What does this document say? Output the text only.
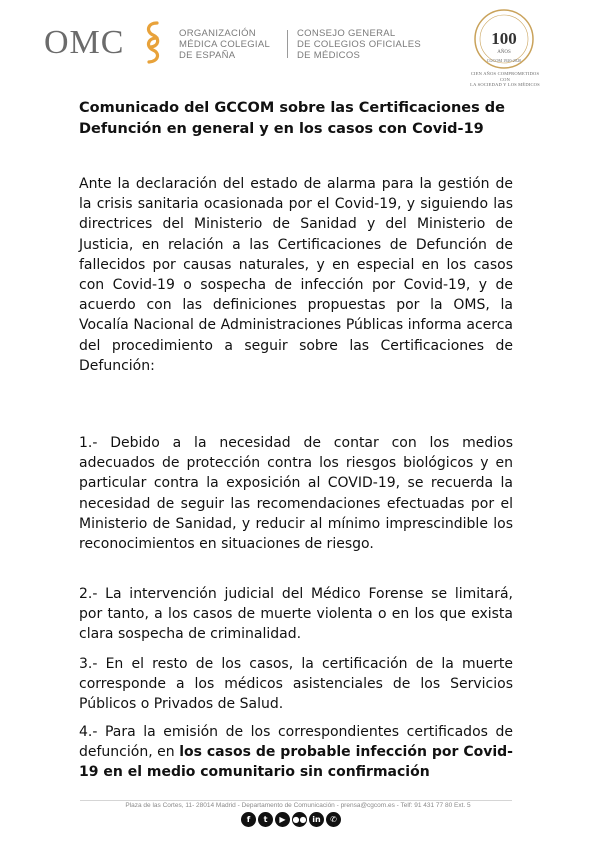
OMC	ORGANIZACIÓN
MÉDICA COLEGIAL
DE ESPAÑA
CONSEJO GENERAL
DE COLEGIOS OFICIALES
DE MÉDICOS
100
AÑOS
CGCOM 1920-2020
CIEN AÑOS COMPROMETIDOS CON
LA SOCIEDAD Y LOS MÉDICOS
Comunicado del GCCOM sobre las Certificaciones de Defunción en general y en los casos con Covid-19

Ante la declaración del estado de alarma para la gestión de la crisis sanitaria ocasionada por el Covid-19, y siguiendo las directrices del Ministerio de Sanidad y del Ministerio de Justicia, en relación a las Certificaciones de Defunción de fallecidos por causas naturales, y en especial en los casos con Covid-19 o sospecha de infección por Covid-19, y de acuerdo con las definiciones propuestas por la OMS, la Vocalía Nacional de Administraciones Públicas informa acerca del procedimiento a seguir sobre las Certificaciones de Defunción:

1.- Debido a la necesidad de contar con los medios adecuados de protección contra los riesgos biológicos y en particular contra la exposición al COVID-19, se recuerda la necesidad de seguir las recomendaciones efectuadas por el Ministerio de Sanidad, y reducir al mínimo imprescindible los reconocimientos en situaciones de riesgo.

2.- La intervención judicial del Médico Forense se limitará, por tanto, a los casos de muerte violenta o en los que exista clara sospecha de criminalidad.

3.- En el resto de los casos, la certificación de la muerte corresponde a los médicos asistenciales de los Servicios Públicos o Privados de Salud.

4.- Para la emisión de los correspondientes certificados de defunción, en los casos de probable infección por Covid-19 en el medio comunitario sin confirmación

Plaza de las Cortes, 11- 28014 Madrid - Departamento de Comunicación - prensa@cgcom.es - Telf: 91 431 77 80 Ext. 5
f	t	▶ ●● in	✆
